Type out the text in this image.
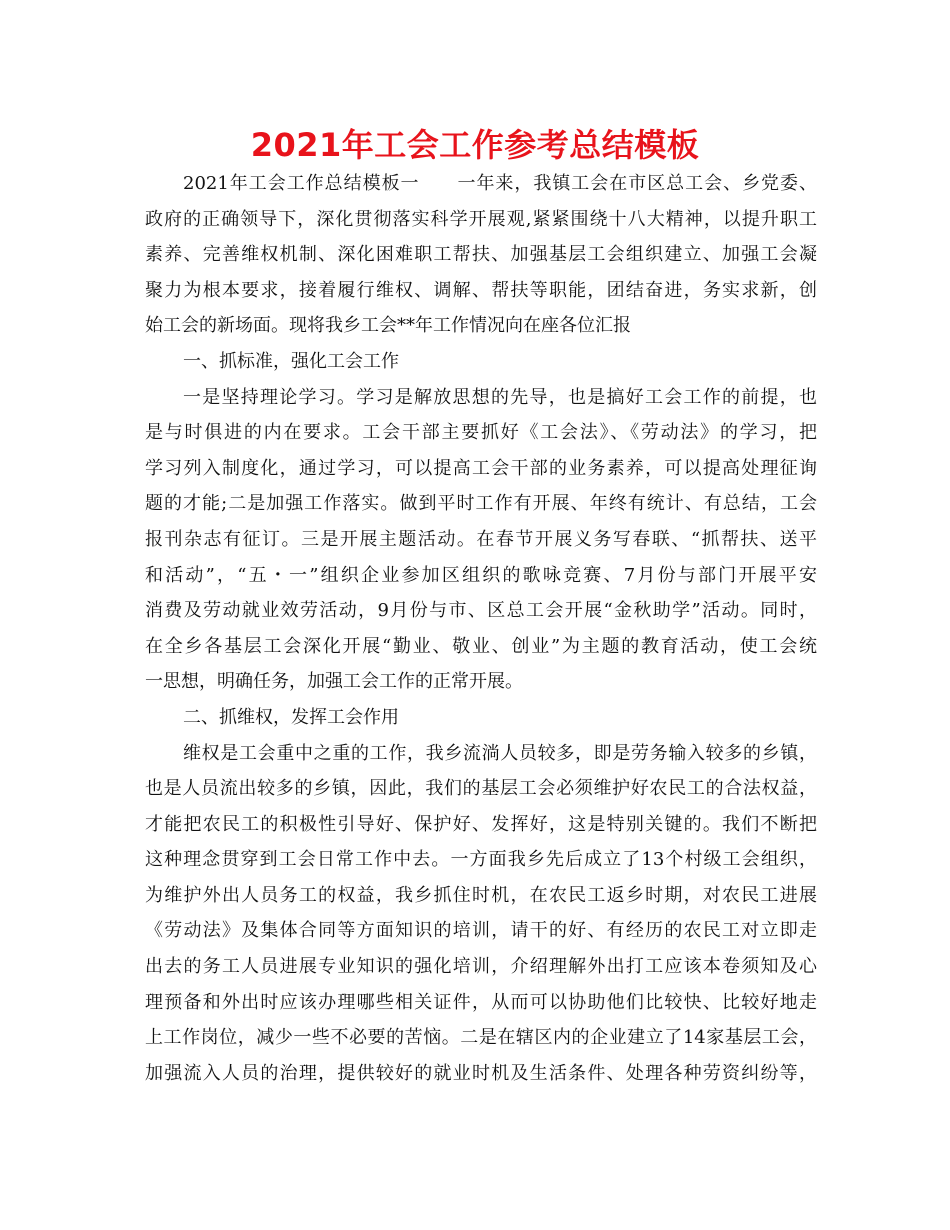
2021年工会工作参考总结模板
2021年工会工作总结模板一　　一年来，我镇工会在市区总工会、乡党委、
政府的正确领导下，深化贯彻落实科学开展观,紧紧围绕十八大精神，以提升职工
素养、完善维权机制、深化困难职工帮扶、加强基层工会组织建立、加强工会凝
聚力为根本要求，接着履行维权、调解、帮扶等职能，团结奋进，务实求新，创
始工会的新场面。现将我乡工会**年工作情况向在座各位汇报
一、抓标准，强化工会工作
一是坚持理论学习。学习是解放思想的先导，也是搞好工会工作的前提，也
是与时俱进的内在要求。工会干部主要抓好《工会法》、《劳动法》的学习，把
学习列入制度化，通过学习，可以提高工会干部的业务素养，可以提高处理征询
题的才能;二是加强工作落实。做到平时工作有开展、年终有统计、有总结，工会
报刊杂志有征订。三是开展主题活动。在春节开展义务写春联、“抓帮扶、送平
和活动”，“五・一”组织企业参加区组织的歌咏竞赛、7月份与部门开展平安
消费及劳动就业效劳活动，9月份与市、区总工会开展“金秋助学”活动。同时，
在全乡各基层工会深化开展“勤业、敬业、创业”为主题的教育活动，使工会统
一思想，明确任务，加强工会工作的正常开展。
二、抓维权，发挥工会作用
维权是工会重中之重的工作，我乡流淌人员较多，即是劳务输入较多的乡镇，
也是人员流出较多的乡镇，因此，我们的基层工会必须维护好农民工的合法权益，
才能把农民工的积极性引导好、保护好、发挥好，这是特别关键的。我们不断把
这种理念贯穿到工会日常工作中去。一方面我乡先后成立了13个村级工会组织，
为维护外出人员务工的权益，我乡抓住时机，在农民工返乡时期，对农民工进展
《劳动法》及集体合同等方面知识的培训，请干的好、有经历的农民工对立即走
出去的务工人员进展专业知识的强化培训，介绍理解外出打工应该本卷须知及心
理预备和外出时应该办理哪些相关证件，从而可以协助他们比较快、比较好地走
上工作岗位，减少一些不必要的苦恼。二是在辖区内的企业建立了14家基层工会，
加强流入人员的治理，提供较好的就业时机及生活条件、处理各种劳资纠纷等，
